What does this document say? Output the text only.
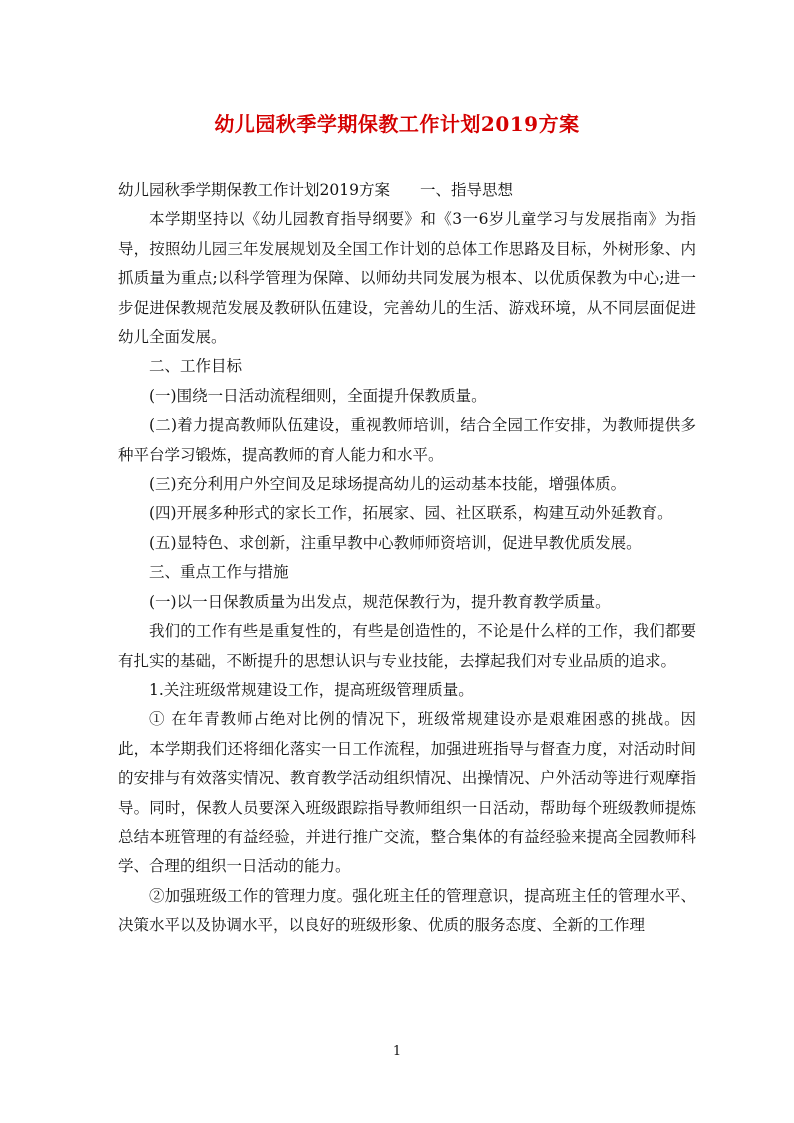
幼儿园秋季学期保教工作计划2019方案

幼儿园秋季学期保教工作计划2019方案 一、指导思想

本学期坚持以《幼儿园教育指导纲要》和《3一6岁儿童学习与发展指南》为指导，按照幼儿园三年发展规划及全国工作计划的总体工作思路及目标，外树形象、内抓质量为重点;以科学管理为保障、以师幼共同发展为根本、以优质保教为中心;进一步促进保教规范发展及教研队伍建设，完善幼儿的生活、游戏环境，从不同层面促进幼儿全面发展。

二、工作目标

(一)围绕一日活动流程细则，全面提升保教质量。

(二)着力提高教师队伍建设，重视教师培训，结合全园工作安排，为教师提供多种平台学习锻炼，提高教师的育人能力和水平。

(三)充分利用户外空间及足球场提高幼儿的运动基本技能，增强体质。

(四)开展多种形式的家长工作，拓展家、园、社区联系，构建互动外延教育。

(五)显特色、求创新，注重早教中心教师师资培训，促进早教优质发展。

三、重点工作与措施

(一)以一日保教质量为出发点，规范保教行为，提升教育教学质量。

我们的工作有些是重复性的，有些是创造性的，不论是什么样的工作，我们都要有扎实的基础，不断提升的思想认识与专业技能，去撑起我们对专业品质的追求。

1.关注班级常规建设工作，提高班级管理质量。

① 在年青教师占绝对比例的情况下，班级常规建设亦是艰难困惑的挑战。因此，本学期我们还将细化落实一日工作流程，加强进班指导与督查力度，对活动时间的安排与有效落实情况、教育教学活动组织情况、出操情况、户外活动等进行观摩指导。同时，保教人员要深入班级跟踪指导教师组织一日活动，帮助每个班级教师提炼总结本班管理的有益经验，并进行推广交流，整合集体的有益经验来提高全园教师科学、合理的组织一日活动的能力。

②加强班级工作的管理力度。强化班主任的管理意识，提高班主任的管理水平、决策水平以及协调水平，以良好的班级形象、优质的服务态度、全新的工作理

1
